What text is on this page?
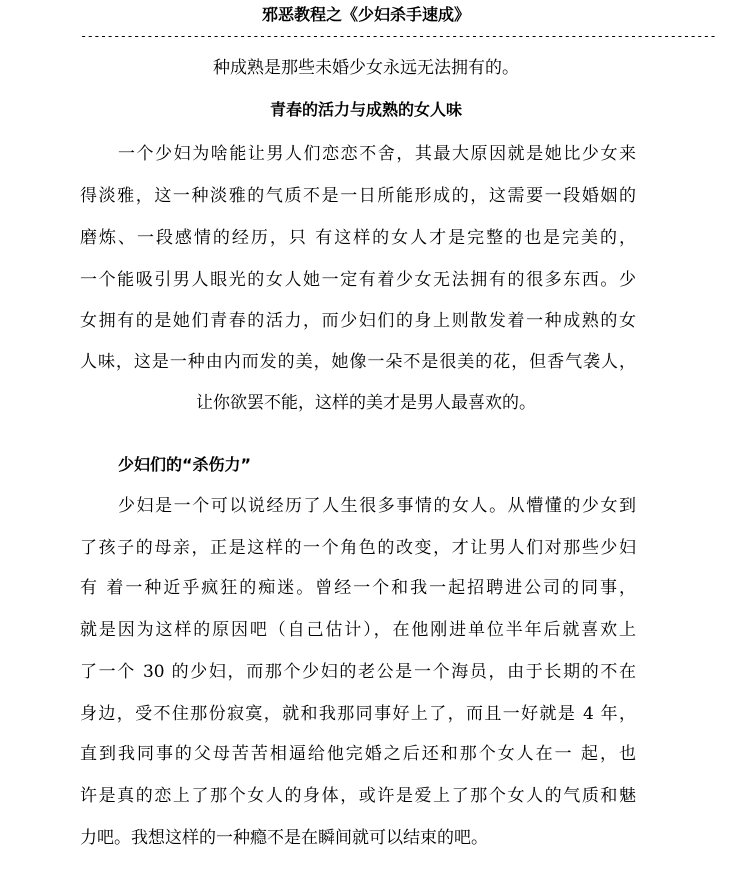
邪恶教程之《少妇杀手速成》
------------------------------------------------------------------------------------------------
种成熟是那些未婚少女永远无法拥有的。
青春的活力与成熟的女人味
一个少妇为啥能让男人们恋恋不舍，其最大原因就是她比少女来
得淡雅，这一种淡雅的气质不是一日所能形成的，这需要一段婚姻的
磨炼、一段感情的经历，只 有这样的女人才是完整的也是完美的，
一个能吸引男人眼光的女人她一定有着少女无法拥有的很多东西。少
女拥有的是她们青春的活力，而少妇们的身上则散发着一种成熟的女
人味，这是一种由内而发的美，她像一朵不是很美的花，但香气袭人，
让你欲罢不能，这样的美才是男人最喜欢的。
少妇们的“杀伤力”
少妇是一个可以说经历了人生很多事情的女人。从懵懂的少女到
了孩子的母亲，正是这样的一个角色的改变，才让男人们对那些少妇
有 着一种近乎疯狂的痴迷。曾经一个和我一起招聘进公司的同事，
就是因为这样的原因吧（自己估计），在他刚进单位半年后就喜欢上
了一个 30 的少妇，而那个少妇的老公是一个海员，由于长期的不在
身边，受不住那份寂寞，就和我那同事好上了，而且一好就是 4 年，
直到我同事的父母苦苦相逼给他完婚之后还和那个女人在一 起，也
许是真的恋上了那个女人的身体，或许是爱上了那个女人的气质和魅
力吧。我想这样的一种瘾不是在瞬间就可以结束的吧。
